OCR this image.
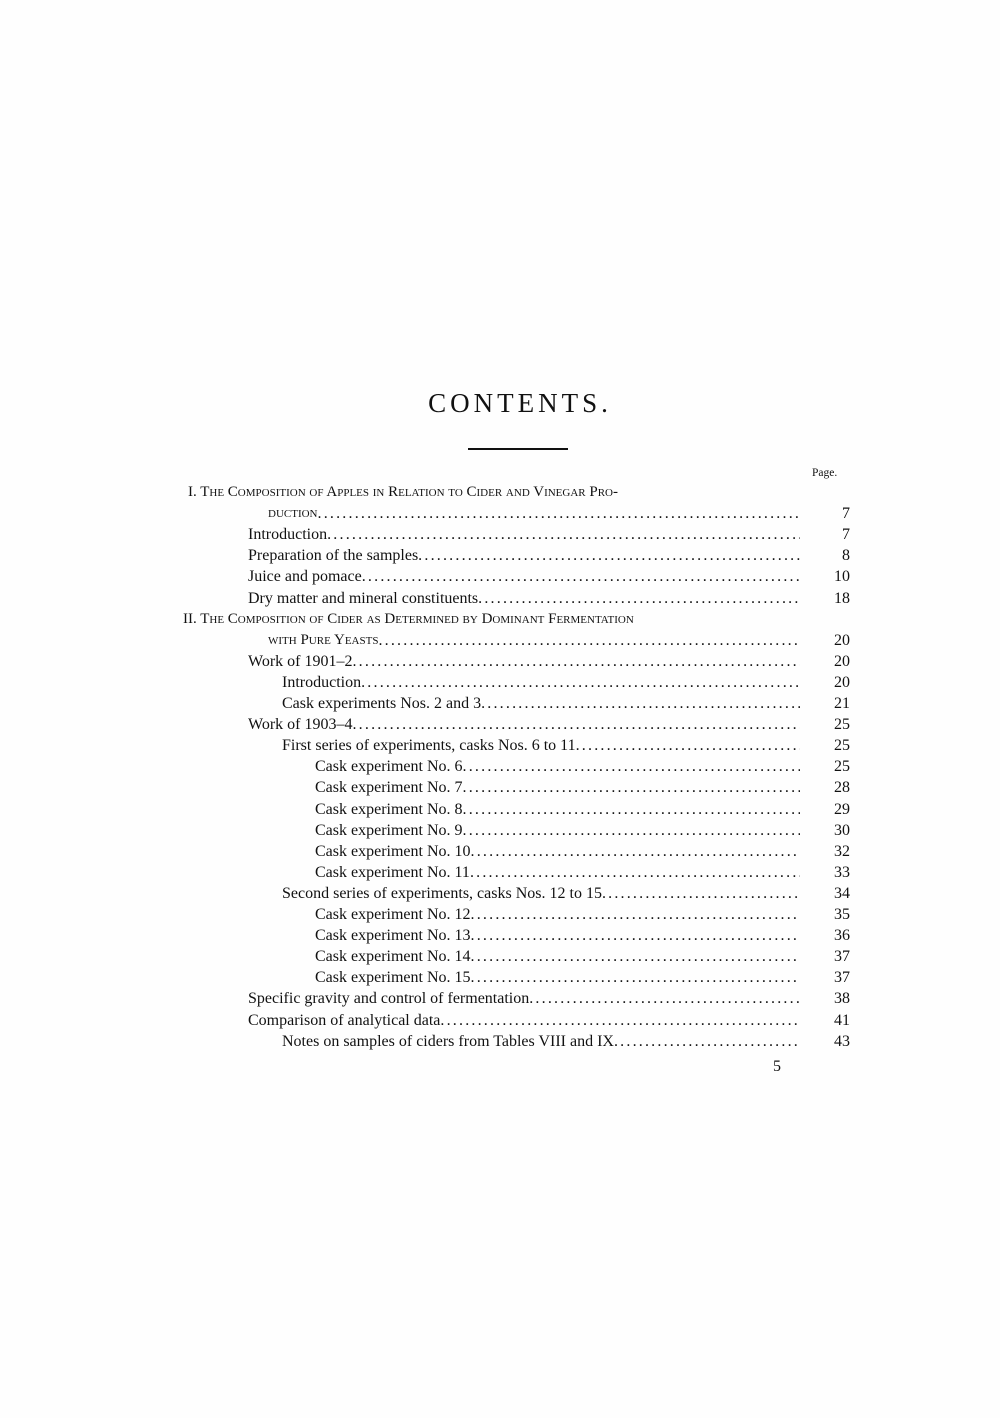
CONTENTS.
Page.
I. The Composition of Apples in Relation to Cider and Vinegar Pro-
7
duction
.....
7
Introduction
.....
8
Preparation of the samples
.....
10
Juice and pomace
.....
18
Dry matter and mineral constituents
.....
II. The Composition of Cider as Determined by Dominant Fermentation
20
with Pure Yeasts
.....
20
Work of 1901–2
.....
20
Introduction
.....
21
Cask experiments Nos. 2 and 3
.....
25
Work of 1903–4
.....
25
First series of experiments, casks Nos. 6 to 11
.....
25
Cask experiment No. 6
.....
28
Cask experiment No. 7
.....
29
Cask experiment No. 8
.....
30
Cask experiment No. 9
.....
32
Cask experiment No. 10
.....
33
Cask experiment No. 11
.....
34
Second series of experiments, casks Nos. 12 to 15
.....
35
Cask experiment No. 12
.....
36
Cask experiment No. 13
.....
37
Cask experiment No. 14
.....
37
Cask experiment No. 15
.....
38
Specific gravity and control of fermentation
.....
41
Comparison of analytical data
.....
43
Notes on samples of ciders from Tables VIII and IX
.....
5
